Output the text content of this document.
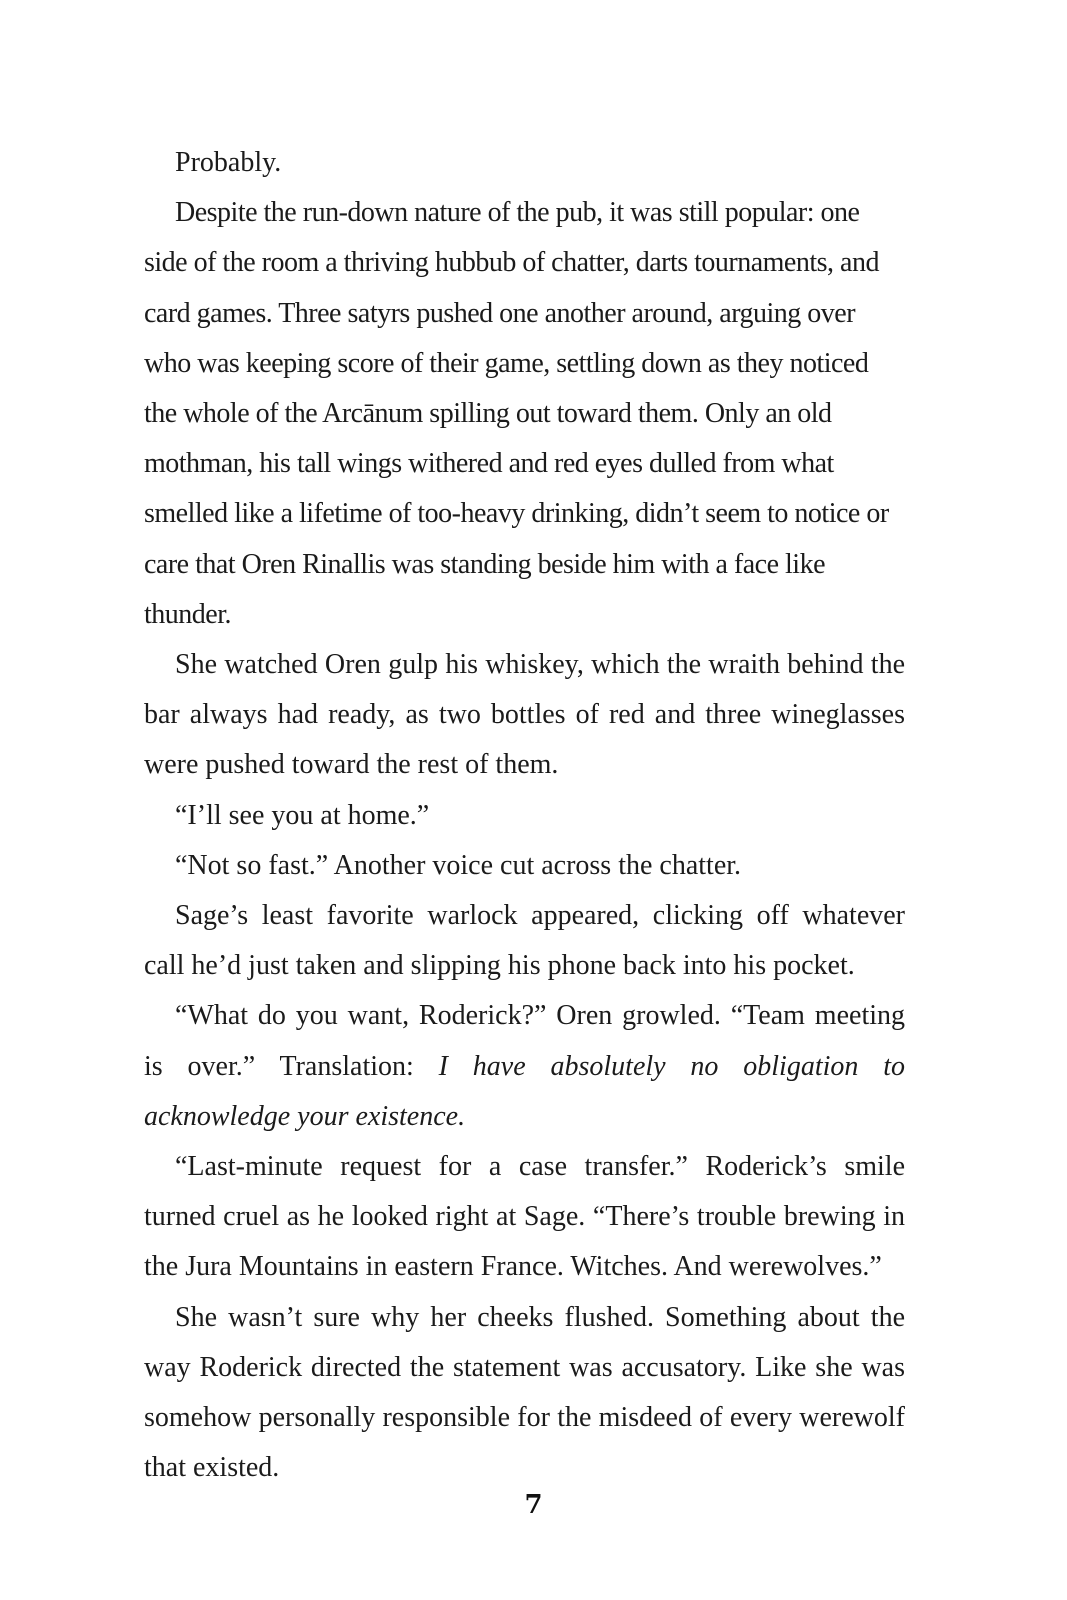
Probably.

Despite the run-down nature of the pub, it was still popular: one side of the room a thriving hubbub of chatter, darts tournaments, and card games. Three satyrs pushed one another around, arguing over who was keeping score of their game, settling down as they noticed the whole of the Arcānum spilling out toward them. Only an old mothman, his tall wings withered and red eyes dulled from what smelled like a lifetime of too-heavy drinking, didn’t seem to notice or care that Oren Rinallis was standing beside him with a face like thunder.

She watched Oren gulp his whiskey, which the wraith behind the bar always had ready, as two bottles of red and three wineglasses were pushed toward the rest of them.

“I’ll see you at home.”

“Not so fast.” Another voice cut across the chatter.

Sage’s least favorite warlock appeared, clicking off whatever call he’d just taken and slipping his phone back into his pocket.

“What do you want, Roderick?” Oren growled. “Team meeting is over.” Translation: I have absolutely no obligation to acknowledge your existence.

“Last-minute request for a case transfer.” Roderick’s smile turned cruel as he looked right at Sage. “There’s trouble brewing in the Jura Mountains in eastern France. Witches. And werewolves.”

She wasn’t sure why her cheeks flushed. Something about the way Roderick directed the statement was accusatory. Like she was somehow personally responsible for the misdeed of every werewolf that existed.

7
